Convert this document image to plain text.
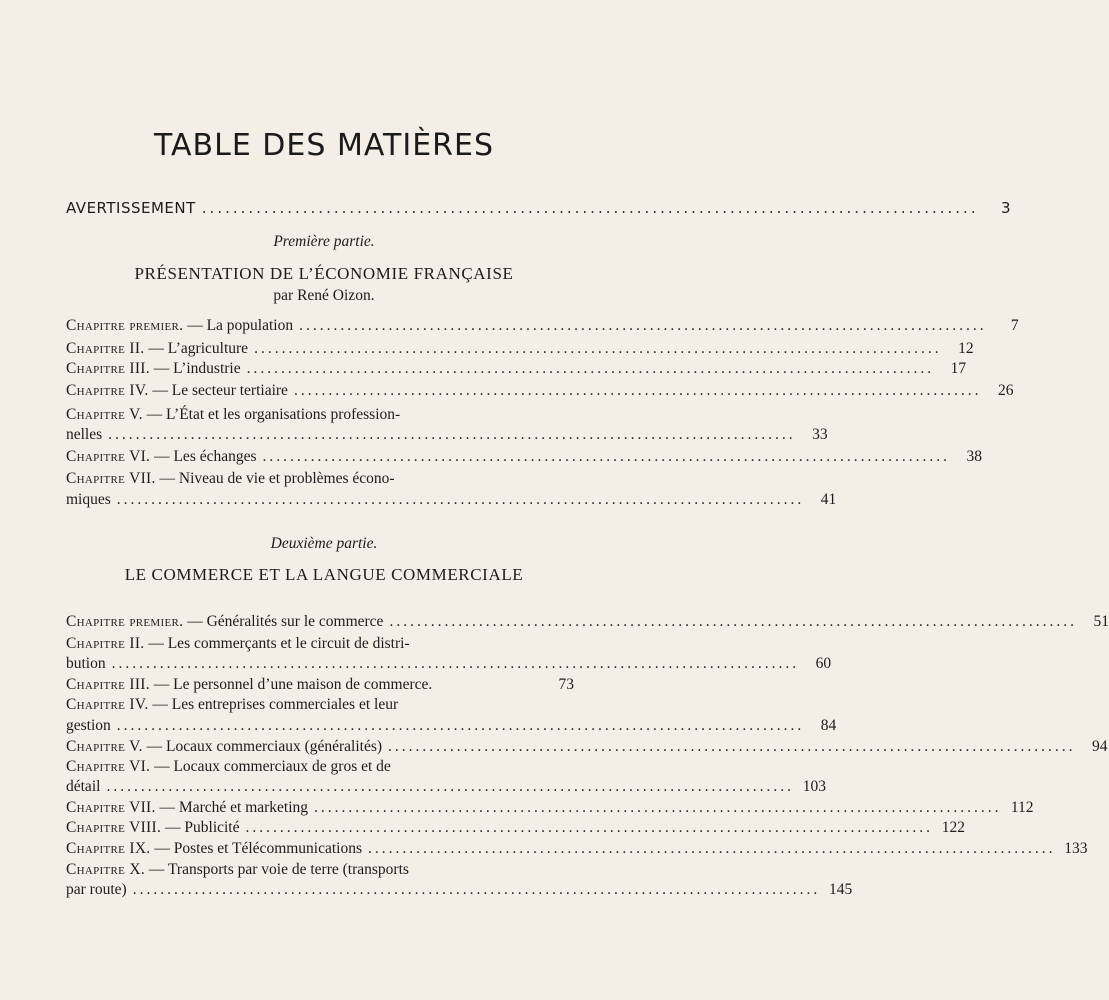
TABLE DES MATIÈRES
AVERTISSEMENT ....................................................................................................	3
Première partie.
PRÉSENTATION DE L’ÉCONOMIE FRANÇAISE
par René Oizon.
Chapitre premier. — La population ....................................................................................................	7
Chapitre II. — L’agriculture ....................................................................................................	12
Chapitre III. — L’industrie ....................................................................................................	17
Chapitre IV. — Le secteur tertiaire ....................................................................................................	26
Chapitre V. — L’État et les organisations profession-
nelles ....................................................................................................	33
Chapitre VI. — Les échanges ....................................................................................................	38
Chapitre VII. — Niveau de vie et problèmes écono-
miques ....................................................................................................	41
Deuxième partie.
LE COMMERCE ET LA LANGUE COMMERCIALE
Chapitre premier. — Généralités sur le commerce ....................................................................................................	51
Chapitre II. — Les commerçants et le circuit de distri-
bution ....................................................................................................	60
Chapitre III. — Le personnel d’une maison de commerce.	73
Chapitre IV. — Les entreprises commerciales et leur
gestion ....................................................................................................	84
Chapitre V. — Locaux commerciaux (généralités) ....................................................................................................	94
Chapitre VI. — Locaux commerciaux de gros et de
détail .................................................................................................... 103
Chapitre VII. — Marché et marketing .................................................................................................... 112
Chapitre VIII. — Publicité .................................................................................................... 122
Chapitre IX. — Postes et Télécommunications .................................................................................................... 133
Chapitre X. — Transports par voie de terre (transports
par route) .................................................................................................... 145
